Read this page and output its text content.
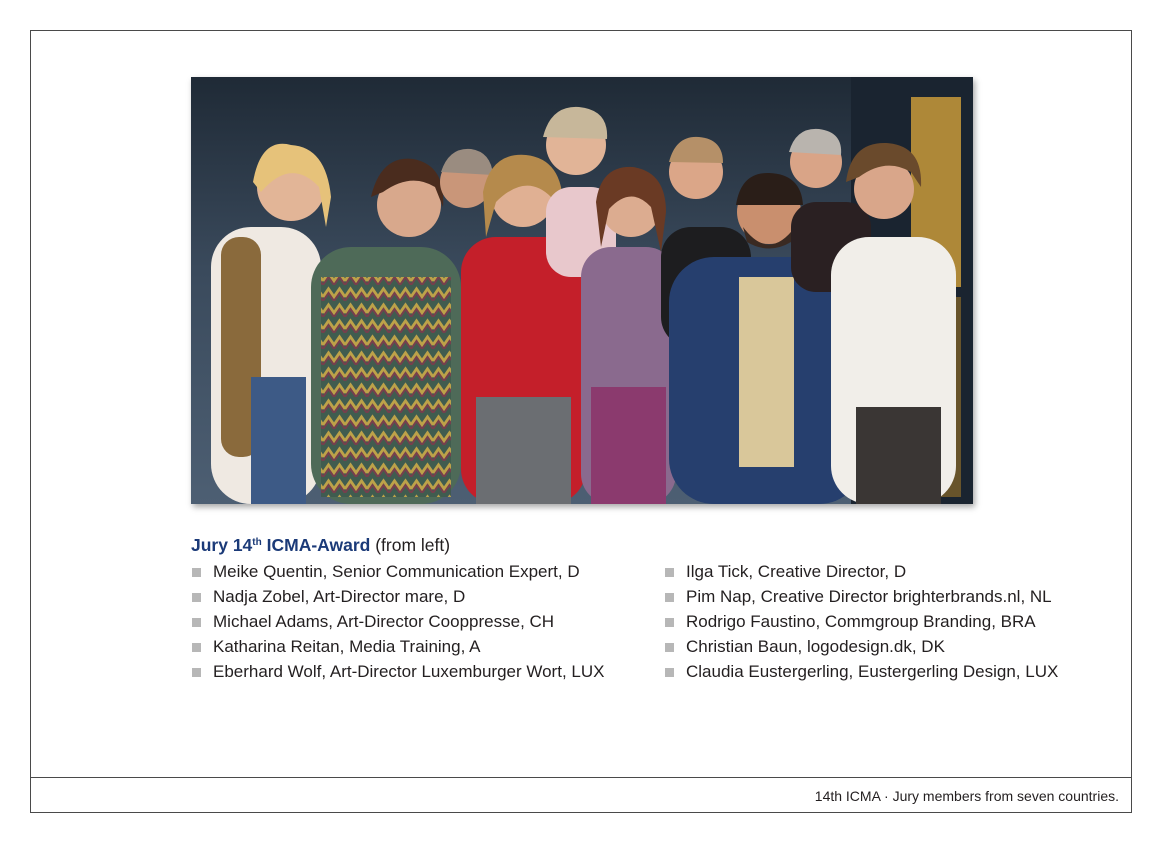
Jury 14th ICMA-Award (from left)
Meike Quentin, Senior Communication Expert, D
Nadja Zobel, Art-Director mare, D
Michael Adams, Art-Director Cooppresse, CH
Katharina Reitan, Media Training, A
Eberhard Wolf, Art-Director Luxemburger Wort, LUX
Ilga Tick, Creative Director, D
Pim Nap, Creative Director brighterbrands.nl, NL
Rodrigo Faustino, Commgroup Branding, BRA
Christian Baun, logodesign.dk, DK
Claudia Eustergerling, Eustergerling Design, LUX
14th ICMA · Jury members from seven countries.
